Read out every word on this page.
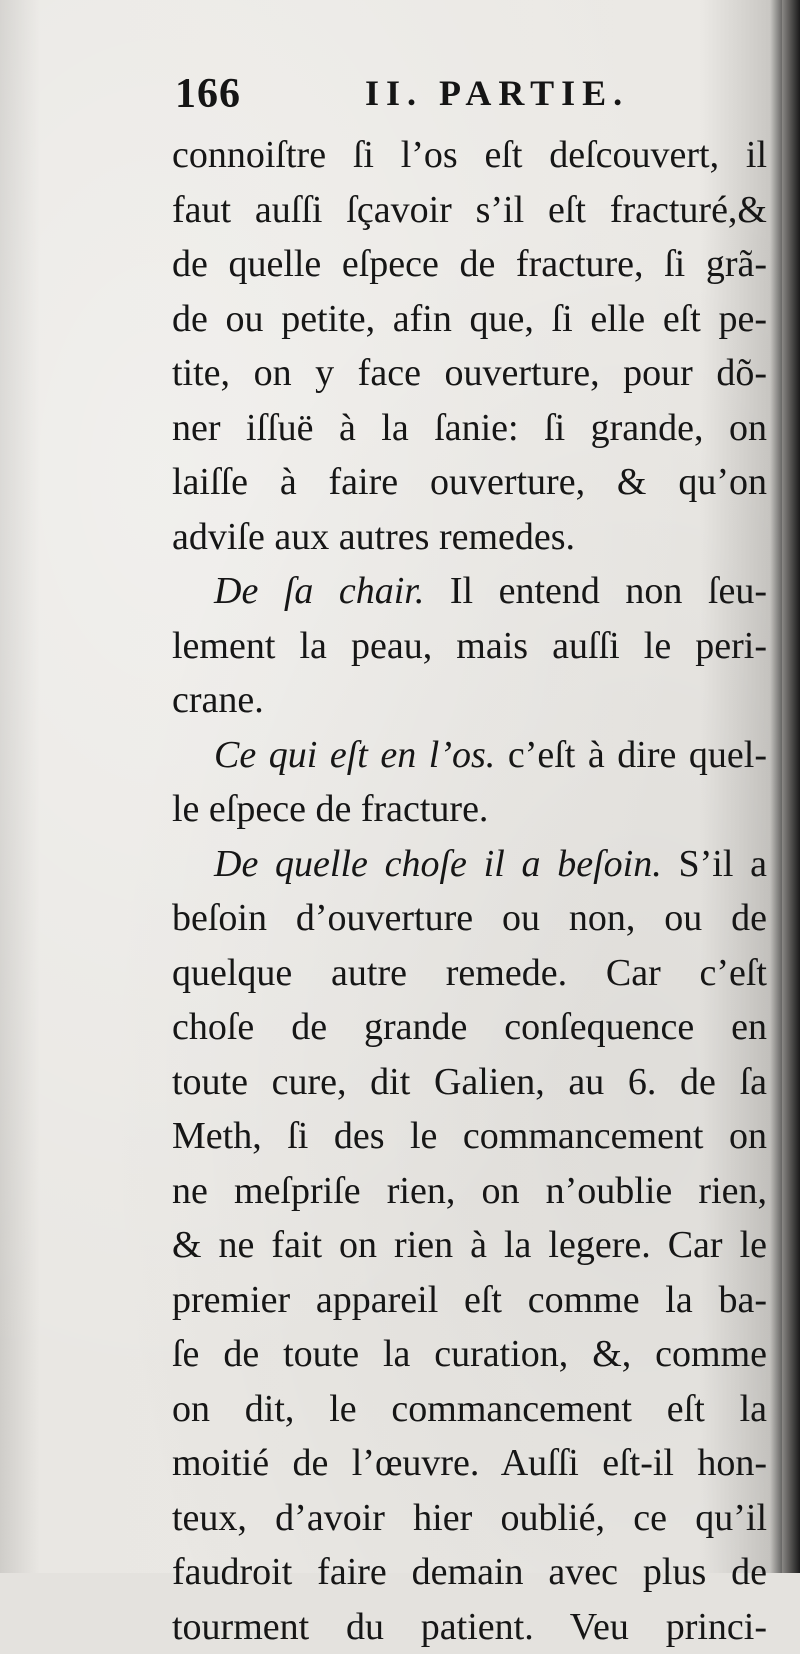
166	II. PARTIE.
connoiſtre ſi l’os eſt deſcouvert, il
faut auſſi ſçavoir s’il eſt fracturé,&
de quelle eſpece de fracture, ſi grã-
de ou petite, afin que, ſi elle eſt pe-
tite, on y face ouverture, pour dõ-
ner iſſuë à la ſanie: ſi grande, on
laiſſe à faire ouverture, & qu’on
adviſe aux autres remedes.
De ſa chair. Il entend non ſeu-
lement la peau, mais auſſi le peri-
crane.
Ce qui eſt en l’os. c’eſt à dire quel-
le eſpece de fracture.
De quelle choſe il a beſoin. S’il a
beſoin d’ouverture ou non, ou de
quelque autre remede. Car c’eſt
choſe de grande conſequence en
toute cure, dit Galien, au 6. de ſa
Meth, ſi des le commancement on
ne meſpriſe rien, on n’oublie rien,
& ne fait on rien à la legere. Car le
premier appareil eſt comme la ba-
ſe de toute la curation, &, comme
on dit, le commancement eſt la
moitié de l’œuvre. Auſſi eſt-il hon-
teux, d’avoir hier oublié, ce qu’il
faudroit faire demain avec plus de
tourment du patient. Veu princi-
